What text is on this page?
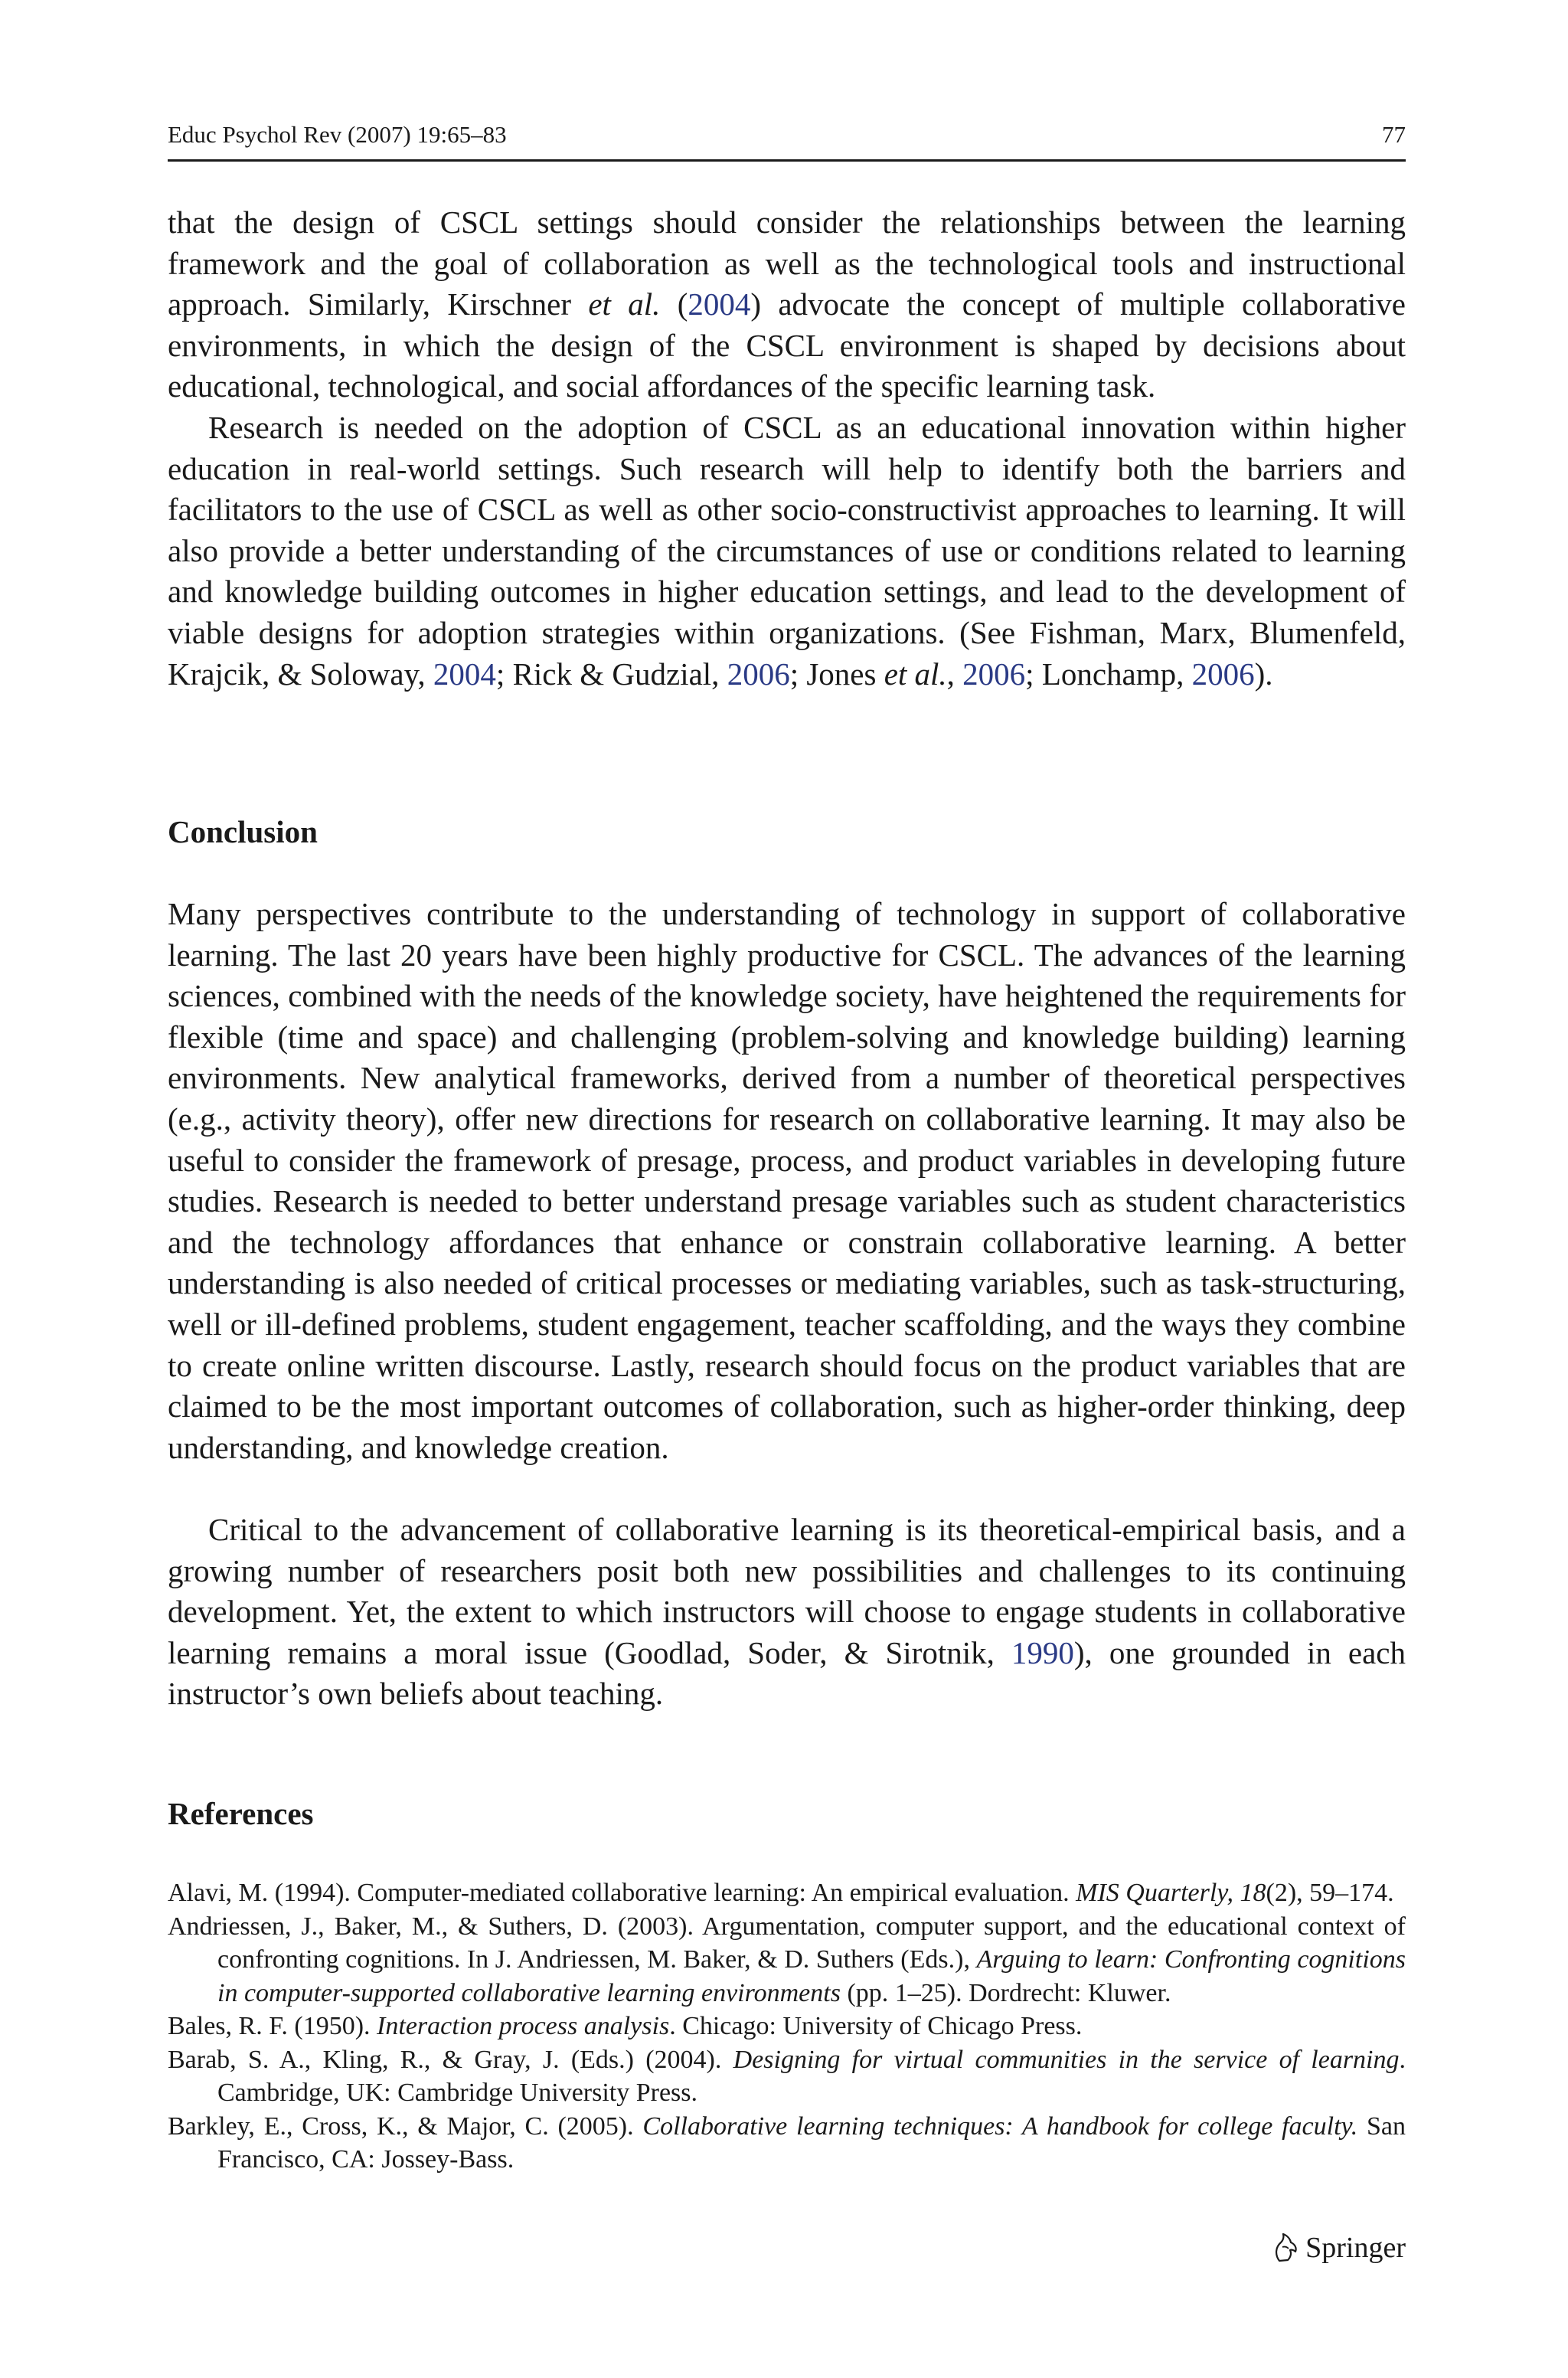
Educ Psychol Rev (2007) 19:65–83	77

that the design of CSCL settings should consider the relationships between the learning framework and the goal of collaboration as well as the technological tools and instructional approach. Similarly, Kirschner et al. (2004) advocate the concept of multiple collaborative environments, in which the design of the CSCL environment is shaped by decisions about educational, technological, and social affordances of the specific learning task.

Research is needed on the adoption of CSCL as an educational innovation within higher education in real-world settings. Such research will help to identify both the barriers and facilitators to the use of CSCL as well as other socio-constructivist approaches to learning. It will also provide a better understanding of the circumstances of use or conditions related to learning and knowledge building outcomes in higher education settings, and lead to the development of viable designs for adoption strategies within organizations. (See Fishman, Marx, Blumenfeld, Krajcik, & Soloway, 2004; Rick & Gudzial, 2006; Jones et al., 2006; Lonchamp, 2006).

Conclusion

Many perspectives contribute to the understanding of technology in support of collaborative learning. The last 20 years have been highly productive for CSCL. The advances of the learning sciences, combined with the needs of the knowledge society, have heightened the requirements for flexible (time and space) and challenging (problem-solving and knowledge building) learning environments. New analytical frameworks, derived from a number of theoretical perspectives (e.g., activity theory), offer new directions for research on collaborative learning. It may also be useful to consider the framework of presage, process, and product variables in developing future studies. Research is needed to better understand presage variables such as student characteristics and the technology affordances that enhance or constrain collaborative learning. A better understanding is also needed of critical processes or mediating variables, such as task-structuring, well or ill-defined problems, student engagement, teacher scaffolding, and the ways they combine to create online written discourse. Lastly, research should focus on the product variables that are claimed to be the most important outcomes of collaboration, such as higher-order thinking, deep understanding, and knowledge creation.

Critical to the advancement of collaborative learning is its theoretical-empirical basis, and a growing number of researchers posit both new possibilities and challenges to its continuing development. Yet, the extent to which instructors will choose to engage students in collaborative learning remains a moral issue (Goodlad, Soder, & Sirotnik, 1990), one grounded in each instructor’s own beliefs about teaching.

References
Alavi, M. (1994). Computer-mediated collaborative learning: An empirical evaluation. MIS Quarterly, 18(2), 59–174.
Andriessen, J., Baker, M., & Suthers, D. (2003). Argumentation, computer support, and the educational context of confronting cognitions. In J. Andriessen, M. Baker, & D. Suthers (Eds.), Arguing to learn: Confronting cognitions in computer-supported collaborative learning environments (pp. 1–25). Dordrecht: Kluwer.
Bales, R. F. (1950). Interaction process analysis. Chicago: University of Chicago Press.
Barab, S. A., Kling, R., & Gray, J. (Eds.) (2004). Designing for virtual communities in the service of learning. Cambridge, UK: Cambridge University Press.
Barkley, E., Cross, K., & Major, C. (2005). Collaborative learning techniques: A handbook for college faculty. San Francisco, CA: Jossey-Bass.
Springer
